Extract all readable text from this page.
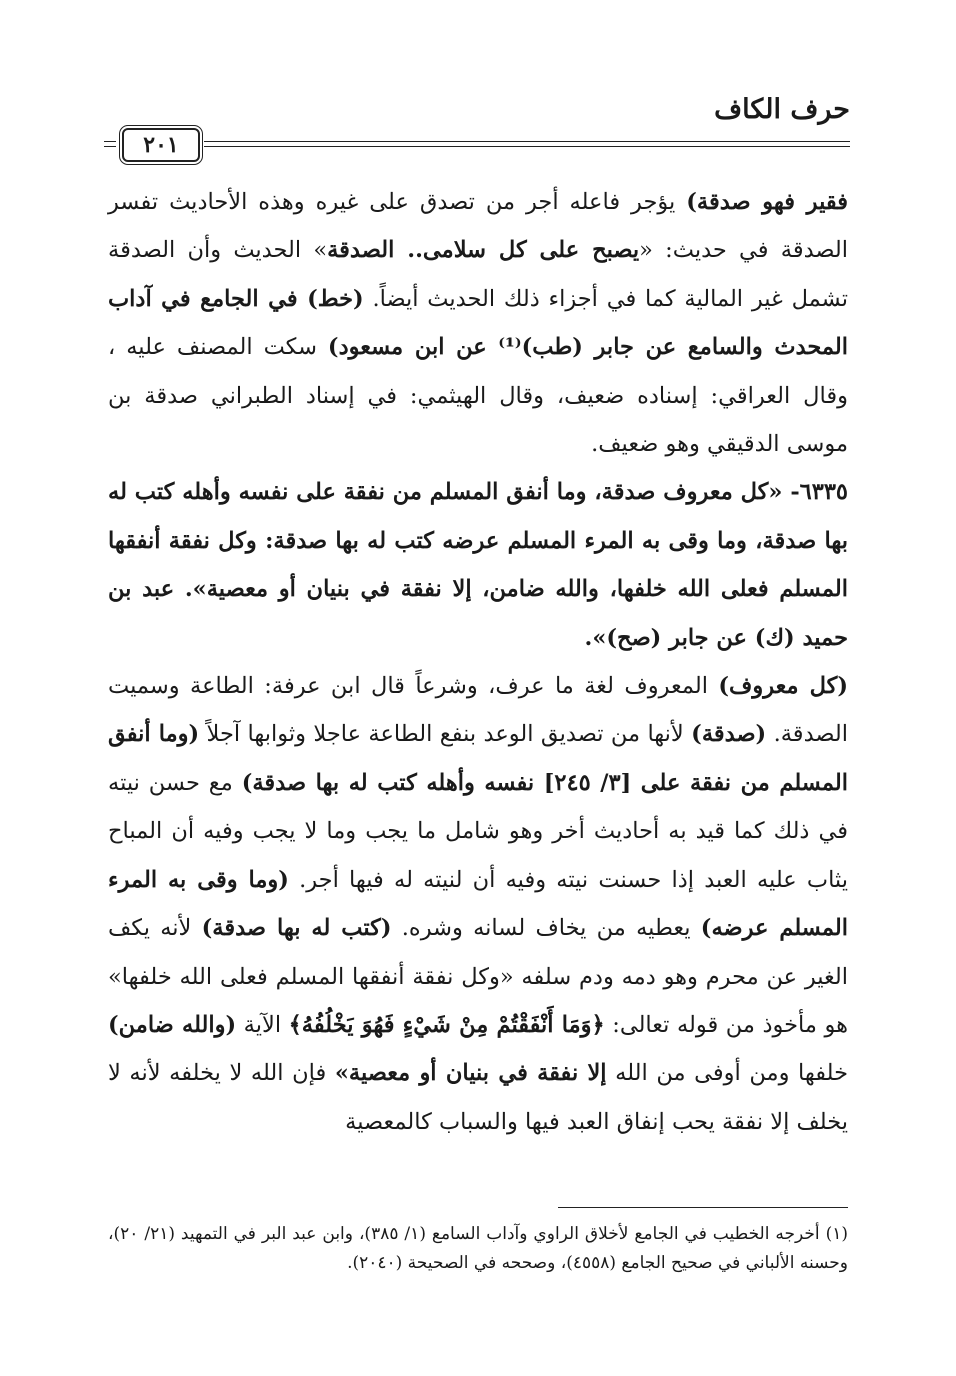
حرف الكاف
٢٠١

فقير فهو صدقة) يؤجر فاعله أجر من تصدق على غيره وهذه الأحاديث تفسر الصدقة في حديث: «يصبح على كل سلامى.. الصدقة» الحديث وأن الصدقة تشمل غير المالية كما في أجزاء ذلك الحديث أيضاً. (خط) في الجامع في آداب المحدث والسامع عن جابر (طب)⁽¹⁾ عن ابن مسعود) سكت المصنف عليه ، وقال العراقي: إسناده ضعيف، وقال الهيثمي: في إسناد الطبراني صدقة بن موسى الدقيقي وهو ضعيف.

٦٣٣٥- «كل معروف صدقة، وما أنفق المسلم من نفقة على نفسه وأهله كتب له بها صدقة، وما وقى به المرء المسلم عرضه كتب له بها صدقة: وكل نفقة أنفقها المسلم فعلى الله خلفها، والله ضامن، إلا نفقة في بنيان أو معصية». عبد بن حميد (ك) عن جابر (صح)».

(كل معروف) المعروف لغة ما عرف، وشرعاً قال ابن عرفة: الطاعة وسميت الصدقة. (صدقة) لأنها من تصديق الوعد بنفع الطاعة عاجلا وثوابها آجلاً (وما أنفق المسلم من نفقة على [٣/ ٢٤٥] نفسه وأهله كتب له بها صدقة) مع حسن نيته في ذلك كما قيد به أحاديث أخر وهو شامل ما يجب وما لا يجب وفيه أن المباح يثاب عليه العبد إذا حسنت نيته وفيه أن لنيته له فيها أجر. (وما وقى به المرء المسلم عرضه) يعطيه من يخاف لسانه وشره. (كتب له بها صدقة) لأنه يكف الغير عن محرم وهو دمه ودم سلفه «وكل نفقة أنفقها المسلم فعلى الله خلفها» هو مأخوذ من قوله تعالى: ﴿وَمَا أَنْفَقْتُمْ مِنْ شَيْءٍ فَهُوَ يَخْلُفُهُ﴾ الآية (والله ضامن) خلفها ومن أوفى من الله إلا نفقة في بنيان أو معصية» فإن الله لا يخلفه لأنه لا يخلف إلا نفقة يحب إنفاق العبد فيها والسباب كالمعصية

(١) أخرجه الخطيب في الجامع لأخلاق الراوي وآداب السامع (١/ ٣٨٥)، وابن عبد البر في التمهيد (٢١/ ٢٠)، وحسنه الألباني في صحيح الجامع (٤٥٥٨)، وصححه في الصحيحة (٢٠٤٠).
